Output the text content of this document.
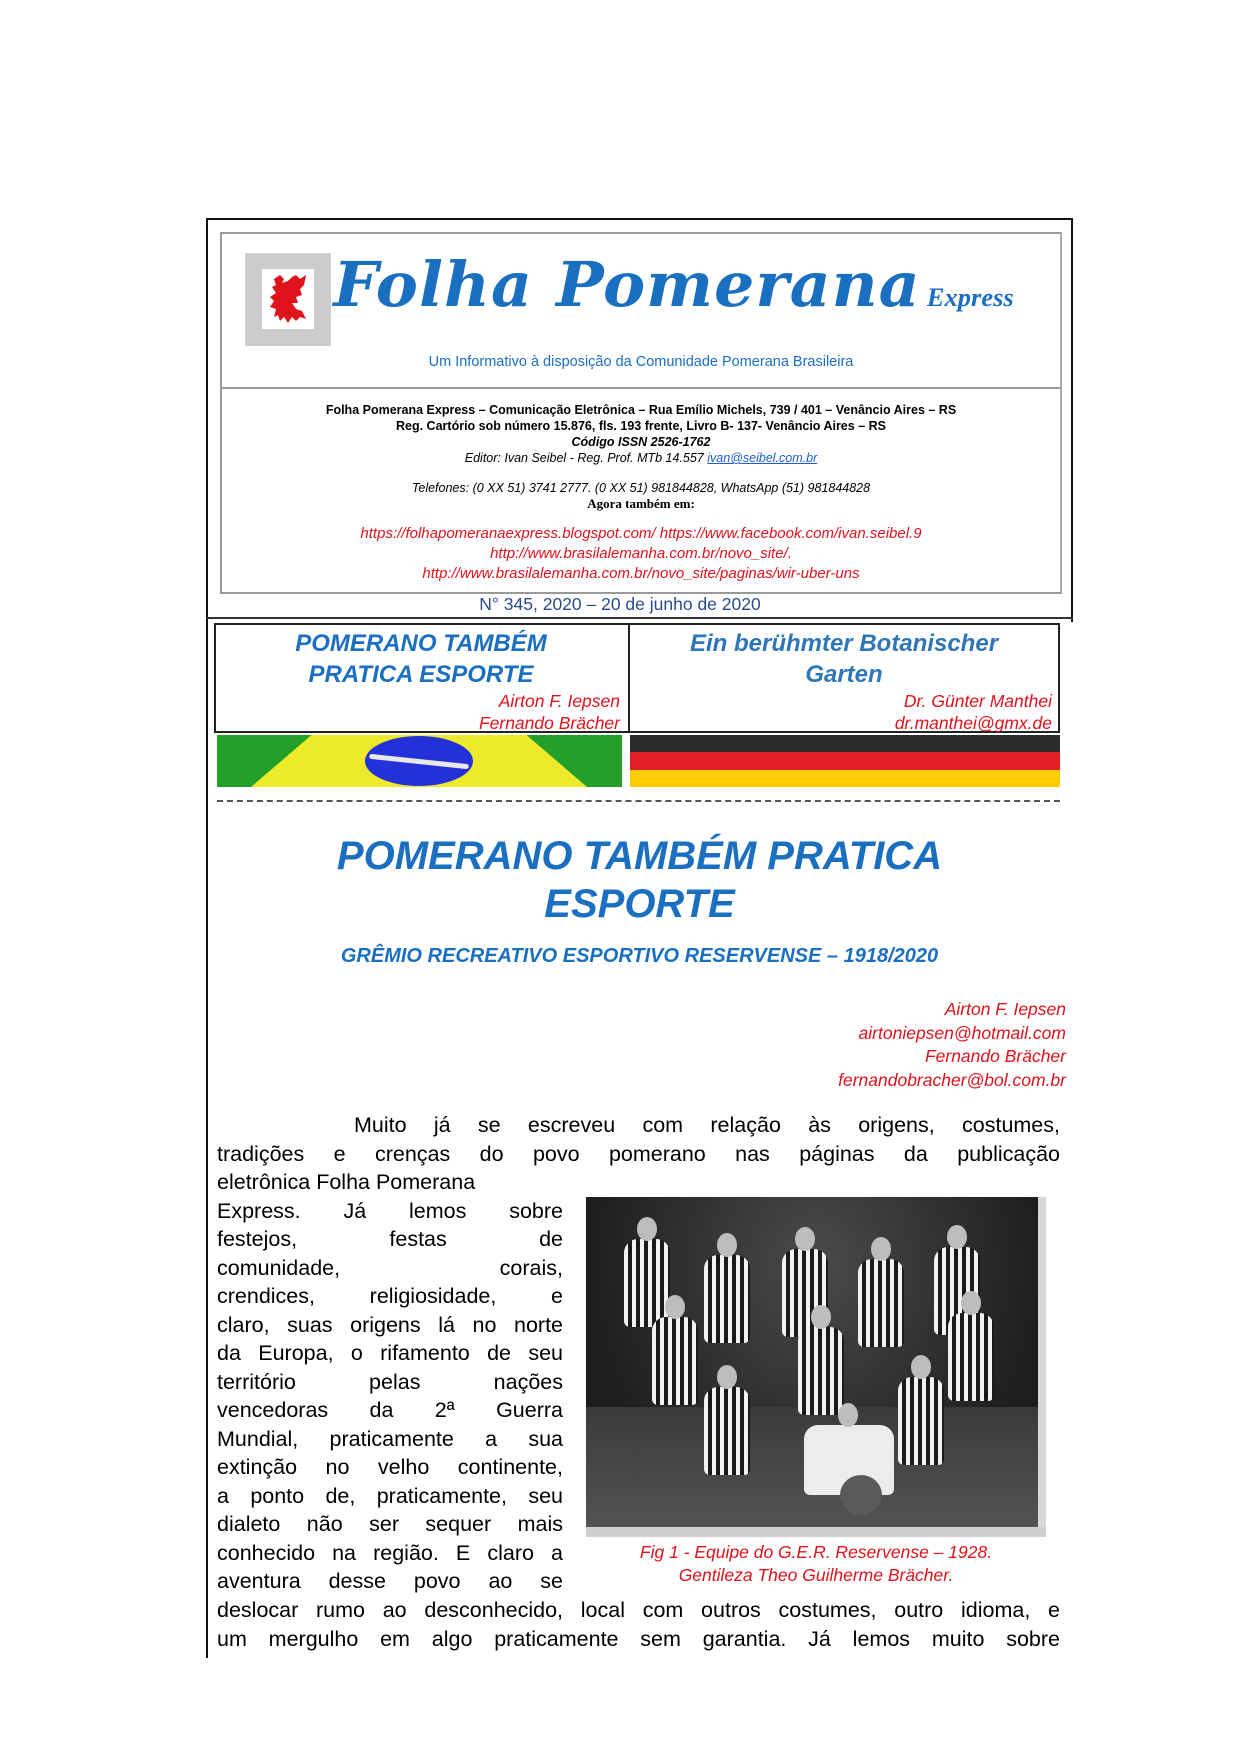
Folha Pomerana Express
Um Informativo à disposição da Comunidade Pomerana Brasileira
Folha Pomerana Express – Comunicação Eletrônica – Rua Emílio Michels, 739 / 401 – Venâncio Aires – RS
Reg. Cartório sob número 15.876, fls. 193 frente, Livro B- 137- Venâncio Aires – RS
Código ISSN 2526-1762
Editor: Ivan Seibel - Reg. Prof. MTb 14.557 ivan@seibel.com.br
Telefones: (0 XX 51) 3741 2777. (0 XX 51) 981844828, WhatsApp (51) 981844828
Agora também em:
https://folhapomeranaexpress.blogspot.com/ https://www.facebook.com/ivan.seibel.9
http://www.brasilalemanha.com.br/novo_site/.
http://www.brasilalemanha.com.br/novo_site/paginas/wir-uber-uns
N° 345, 2020 – 20 de junho de 2020
POMERANO TAMBÉM
PRATICA ESPORTE
Airton F. Iepsen
Fernando Brächer
Ein berühmter Botanischer
Garten
Dr. Günter Manthei
dr.manthei@gmx.de
POMERANO TAMBÉM PRATICA
ESPORTE
GRÊMIO RECREATIVO ESPORTIVO RESERVENSE – 1918/2020
Airton F. Iepsen
airtoniepsen@hotmail.com
Fernando Brächer
fernandobracher@bol.com.br
Muito já se escreveu com relação às origens, costumes,
tradições e crenças do povo pomerano nas páginas da publicação
eletrônica Folha Pomerana
Express. Já lemos sobre
festejos, festas de
comunidade, corais,
crendices, religiosidade, e
claro, suas origens lá no norte
da Europa, o rifamento de seu
território pelas nações
vencedoras da 2ª Guerra
Mundial, praticamente a sua
extinção no velho continente,
a ponto de, praticamente, seu
dialeto não ser sequer mais
conhecido na região. E claro a
aventura desse povo ao se
Fig 1 - Equipe do G.E.R. Reservense – 1928.
Gentileza Theo Guilherme Brächer.
deslocar rumo ao desconhecido, local com outros costumes, outro idioma, e
um mergulho em algo praticamente sem garantia. Já lemos muito sobre
